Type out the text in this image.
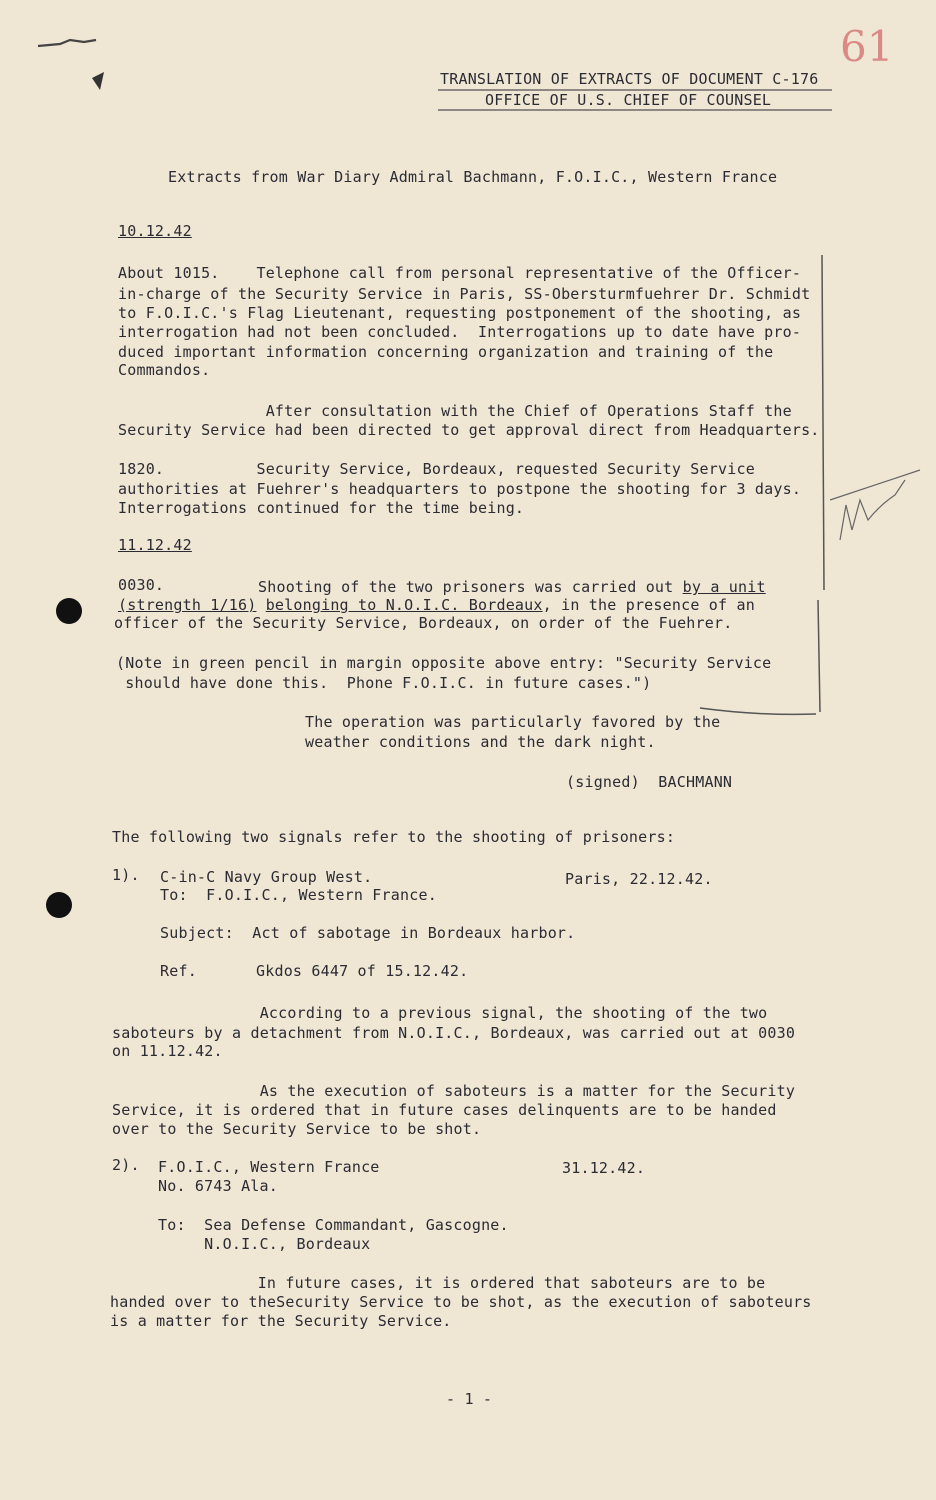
61
TRANSLATION OF EXTRACTS OF DOCUMENT C-176
OFFICE OF U.S. CHIEF OF COUNSEL
Extracts from War Diary Admiral Bachmann, F.O.I.C., Western France
10.12.42
About 1015.    Telephone call from personal representative of the Officer-
in-charge of the Security Service in Paris, SS-Obersturmfuehrer Dr. Schmidt
to F.O.I.C.'s Flag Lieutenant, requesting postponement of the shooting, as
interrogation had not been concluded.  Interrogations up to date have pro-
duced important information concerning organization and training of the
Commandos.
After consultation with the Chief of Operations Staff the
Security Service had been directed to get approval direct from Headquarters.
1820.          Security Service, Bordeaux, requested Security Service
authorities at Fuehrer's headquarters to postpone the shooting for 3 days.
Interrogations continued for the time being.
11.12.42
0030.	Shooting of the two prisoners was carried out by a unit
(strength 1/16) belonging to N.O.I.C. Bordeaux, in the presence of an
officer of the Security Service, Bordeaux, on order of the Fuehrer.
(Note in green pencil in margin opposite above entry: "Security Service
should have done this.  Phone F.O.I.C. in future cases.")
The operation was particularly favored by the
weather conditions and the dark night.
(signed)  BACHMANN
The following two signals refer to the shooting of prisoners:
1). C-in-C Navy Group West.	Paris, 22.12.42.
To:  F.O.I.C., Western France.
Subject:  Act of sabotage in Bordeaux harbor.
Ref.	Gkdos 6447 of 15.12.42.
According to a previous signal, the shooting of the two
saboteurs by a detachment from N.O.I.C., Bordeaux, was carried out at 0030
on 11.12.42.
As the execution of saboteurs is a matter for the Security
Service, it is ordered that in future cases delinquents are to be handed
over to the Security Service to be shot.
2). F.O.I.C., Western France	31.12.42.
No. 6743 Ala.
To:  Sea Defense Commandant, Gascogne.
N.O.I.C., Bordeaux
In future cases, it is ordered that saboteurs are to be
handed over to theSecurity Service to be shot, as the execution of saboteurs
is a matter for the Security Service.
- 1 -
